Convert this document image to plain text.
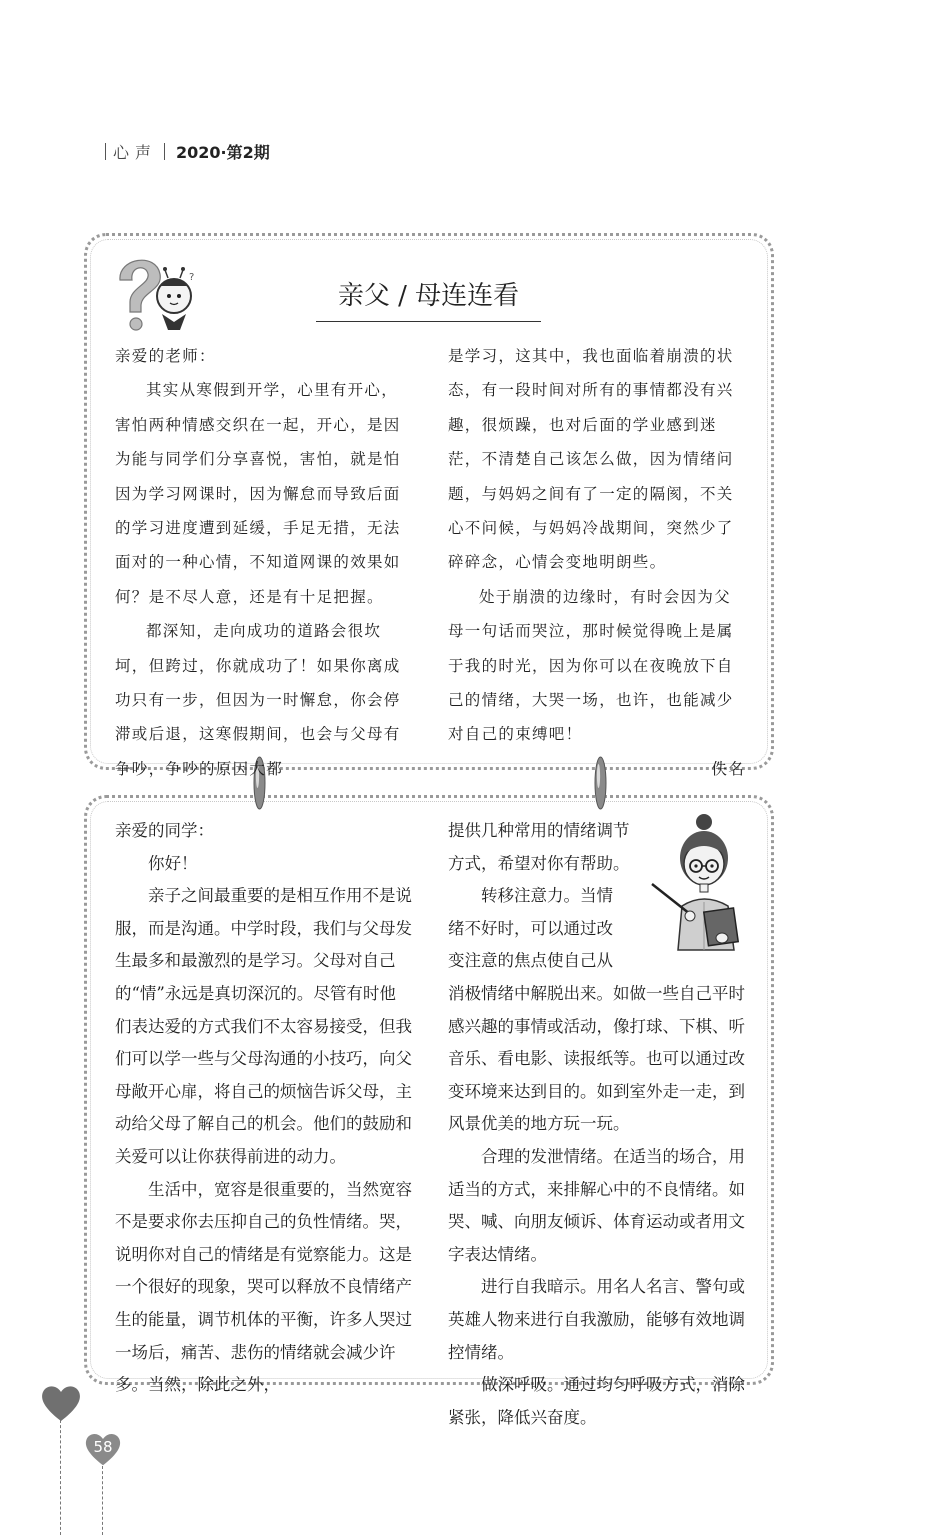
心声 2020·第2期
?
亲父 / 母连连看

亲爱的老师：

其实从寒假到开学，心里有开心，害怕两种情感交织在一起，开心，是因为能与同学们分享喜悦，害怕，就是怕因为学习网课时，因为懈怠而导致后面的学习进度遭到延缓，手足无措，无法面对的一种心情，不知道网课的效果如何？是不尽人意，还是有十足把握。

都深知，走向成功的道路会很坎坷，但跨过，你就成功了！如果你离成功只有一步，但因为一时懈怠，你会停滞或后退，这寒假期间，也会与父母有争吵，争吵的原因大都

是学习，这其中，我也面临着崩溃的状态，有一段时间对所有的事情都没有兴趣，很烦躁，也对后面的学业感到迷茫，不清楚自己该怎么做，因为情绪问题，与妈妈之间有了一定的隔阂，不关心不问候，与妈妈冷战期间，突然少了碎碎念，心情会变地明朗些。

处于崩溃的边缘时，有时会因为父母一句话而哭泣，那时候觉得晚上是属于我的时光，因为你可以在夜晚放下自己的情绪，大哭一场，也许，也能减少对自己的束缚吧！

佚名

亲爱的同学：

你好！

亲子之间最重要的是相互作用不是说服，而是沟通。中学时段，我们与父母发生最多和最激烈的是学习。父母对自己的“情”永远是真切深沉的。尽管有时他们表达爱的方式我们不太容易接受，但我们可以学一些与父母沟通的小技巧，向父母敞开心扉，将自己的烦恼告诉父母，主动给父母了解自己的机会。他们的鼓励和关爱可以让你获得前进的动力。

生活中，宽容是很重要的，当然宽容不是要求你去压抑自己的负性情绪。哭，说明你对自己的情绪是有觉察能力。这是一个很好的现象，哭可以释放不良情绪产生的能量，调节机体的平衡，许多人哭过一场后，痛苦、悲伤的情绪就会减少许多。当然，除此之外，

提供几种常用的情绪调节方式，希望对你有帮助。

转移注意力。当情绪不好时，可以通过改变注意的焦点使自己从消极情绪中解脱出来。如做一些自己平时感兴趣的事情或活动，像打球、下棋、听音乐、看电影、读报纸等。也可以通过改变环境来达到目的。如到室外走一走，到风景优美的地方玩一玩。

合理的发泄情绪。在适当的场合，用适当的方式，来排解心中的不良情绪。如哭、喊、向朋友倾诉、体育运动或者用文字表达情绪。

进行自我暗示。用名人名言、警句或英雄人物来进行自我激励，能够有效地调控情绪。

做深呼吸。通过均匀呼吸方式，消除紧张，降低兴奋度。

58
